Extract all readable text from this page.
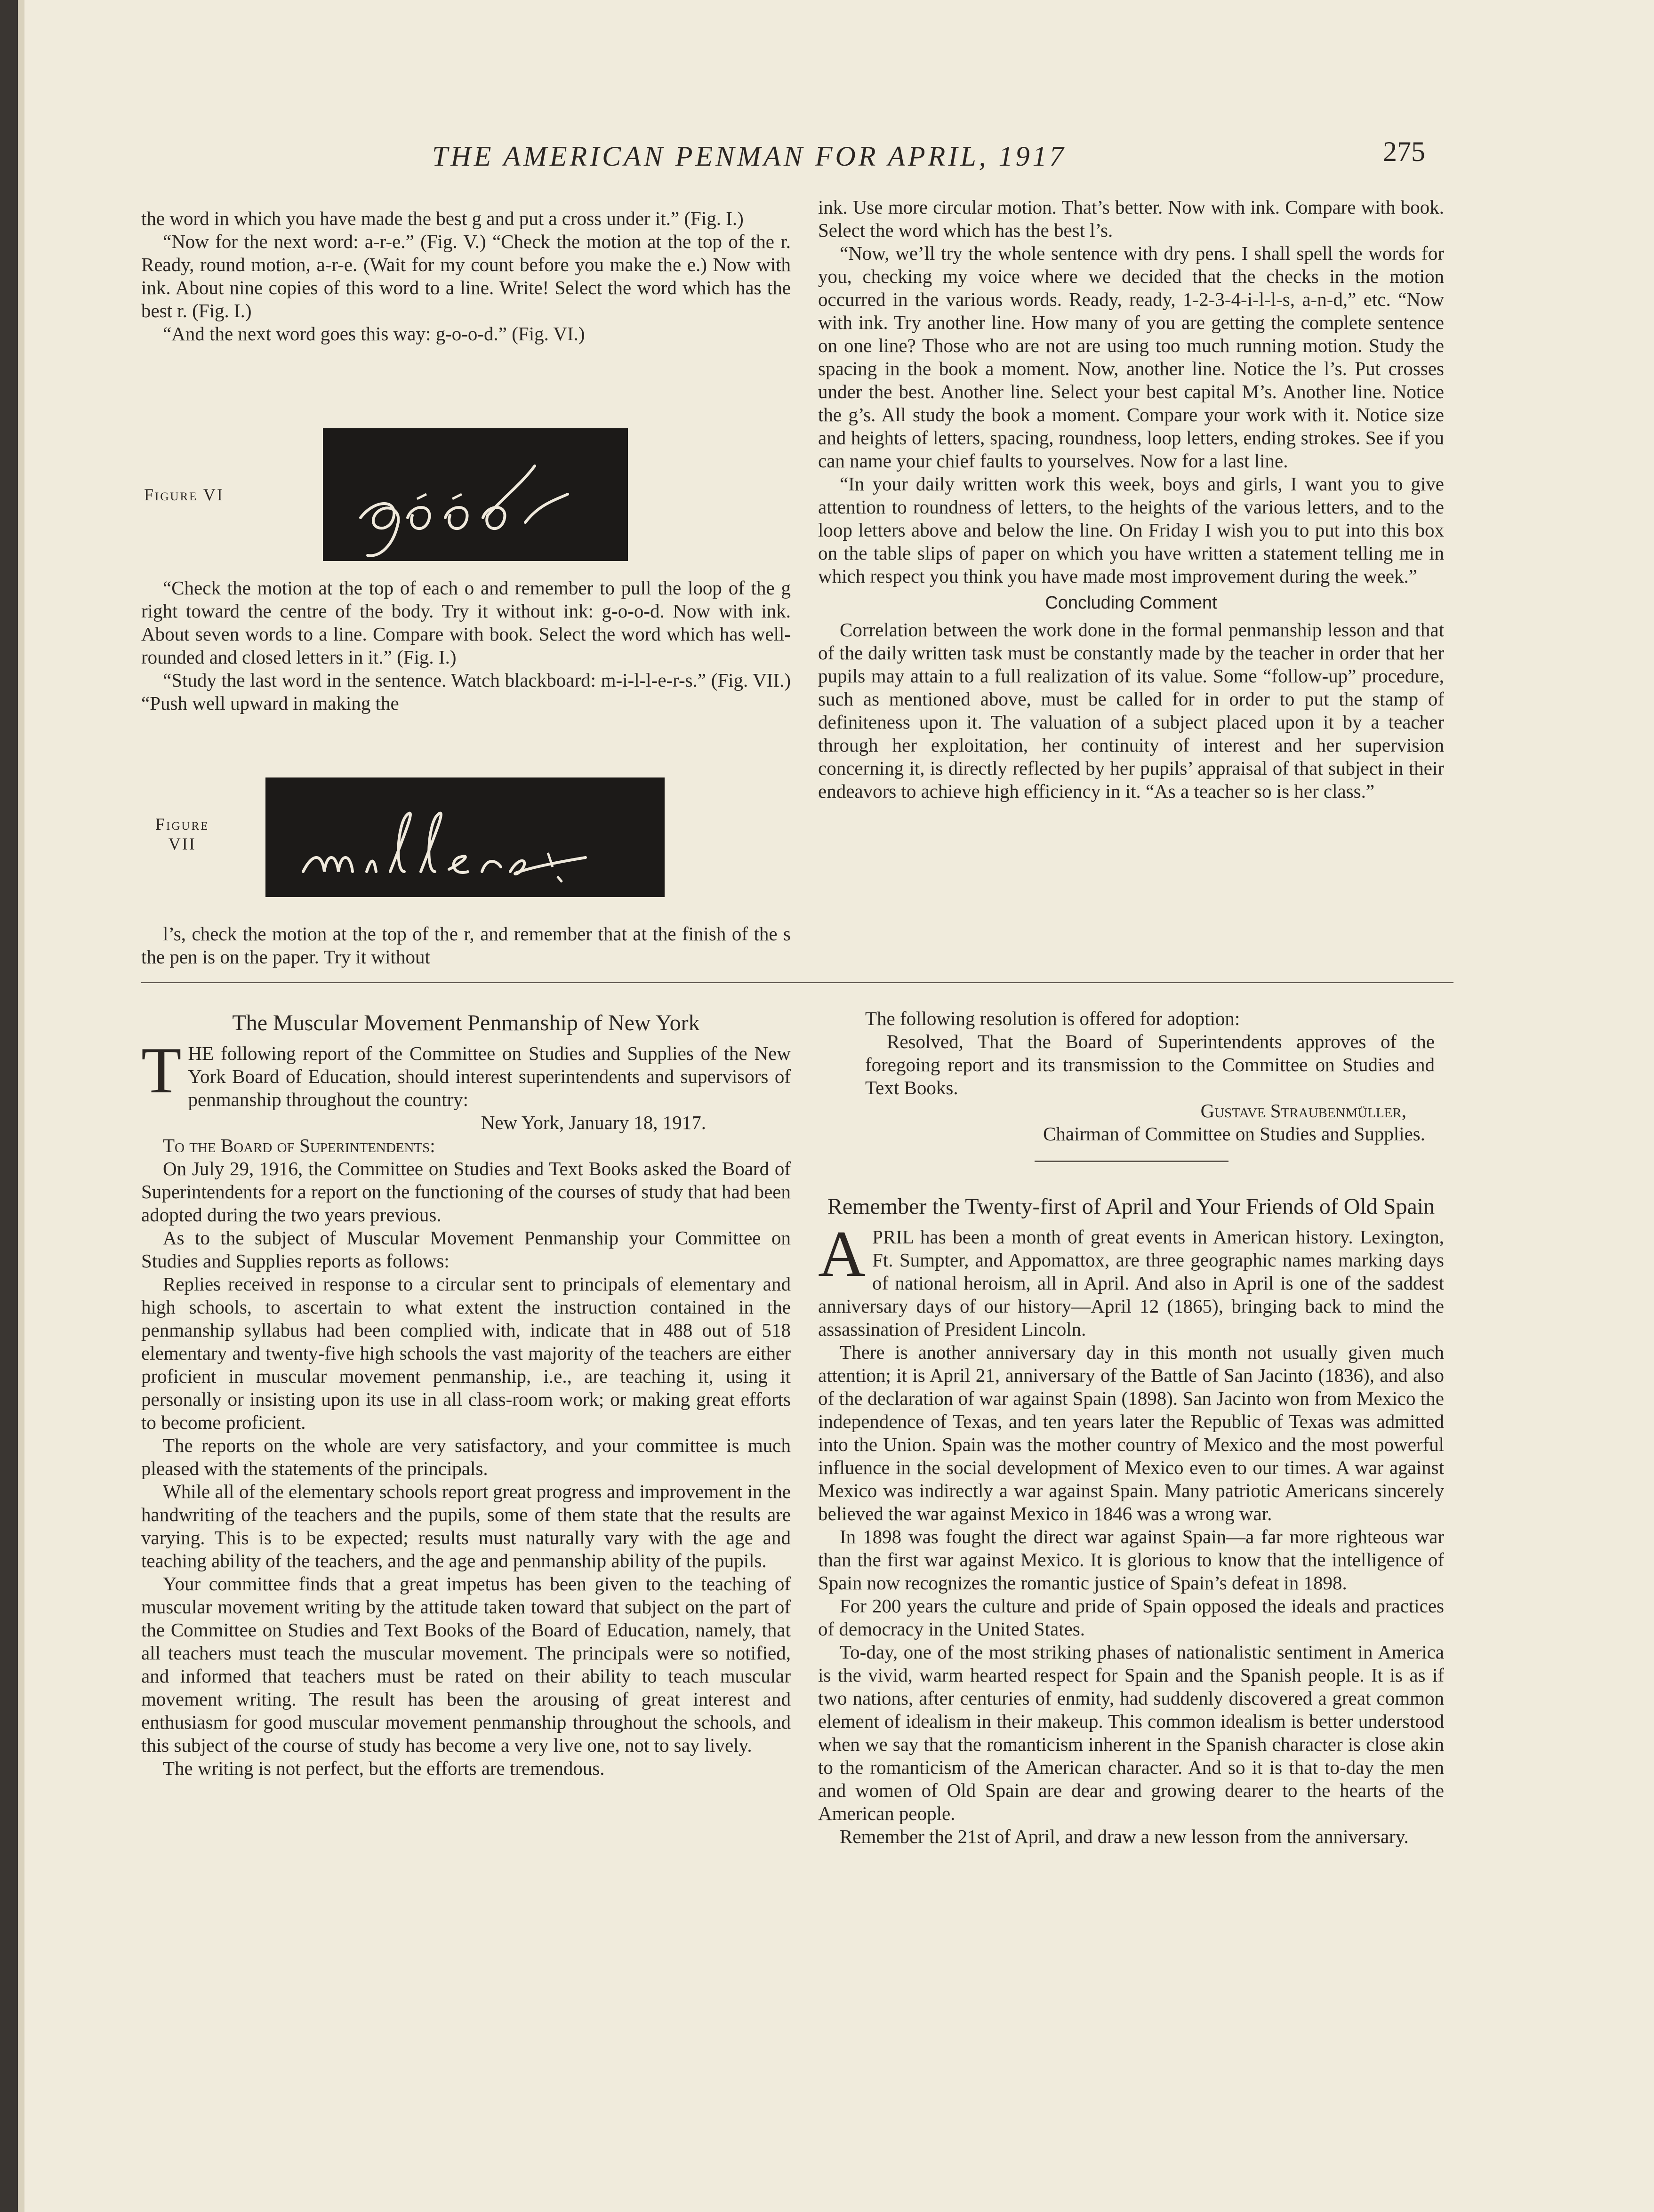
THE AMERICAN PENMAN FOR APRIL, 1917	275

the word in which you have made the best g and put a cross under it.” (Fig. I.)

“Now for the next word: a-r-e.” (Fig. V.) “Check the motion at the top of the r. Ready, round motion, a-r-e. (Wait for my count before you make the e.) Now with ink. About nine copies of this word to a line. Write! Select the word which has the best r. (Fig. I.)

“And the next word goes this way: g-o-o-d.” (Fig. VI.)

Figure VI

“Check the motion at the top of each o and remember to pull the loop of the g right toward the centre of the body. Try it without ink: g-o-o-d. Now with ink. About seven words to a line. Compare with book. Select the word which has well-rounded and closed letters in it.” (Fig. I.)

“Study the last word in the sentence. Watch blackboard: m-i-l-l-e-r-s.” (Fig. VII.) “Push well upward in making the

Figure
VII

l’s, check the motion at the top of the r, and remember that at the finish of the s the pen is on the paper. Try it without

ink. Use more circular motion. That’s better. Now with ink. Compare with book. Select the word which has the best l’s.

“Now, we’ll try the whole sentence with dry pens. I shall spell the words for you, checking my voice where we decided that the checks in the motion occurred in the various words. Ready, ready, 1-2-3-4-i-l-l-s, a-n-d,” etc. “Now with ink. Try another line. How many of you are getting the complete sentence on one line? Those who are not are using too much running motion. Study the spacing in the book a moment. Now, another line. Notice the l’s. Put crosses under the best. Another line. Select your best capital M’s. Another line. Notice the g’s. All study the book a moment. Compare your work with it. Notice size and heights of letters, spacing, roundness, loop letters, ending strokes. See if you can name your chief faults to yourselves. Now for a last line.

“In your daily written work this week, boys and girls, I want you to give attention to roundness of letters, to the heights of the various letters, and to the loop letters above and below the line. On Friday I wish you to put into this box on the table slips of paper on which you have written a statement telling me in which respect you think you have made most improvement during the week.”

Concluding Comment

Correlation between the work done in the formal penmanship lesson and that of the daily written task must be constantly made by the teacher in order that her pupils may attain to a full realization of its value. Some “follow-up” procedure, such as mentioned above, must be called for in order to put the stamp of definiteness upon it. The valuation of a subject placed upon it by a teacher through her exploitation, her continuity of interest and her supervision concerning it, is directly reflected by her pupils’ appraisal of that subject in their endeavors to achieve high efficiency in it. “As a teacher so is her class.”

The Muscular Movement Penmanship of New York

THE following report of the Committee on Studies and Supplies of the New York Board of Education, should interest superintendents and supervisors of penmanship throughout the country:

New York, January 18, 1917.

To the Board of Superintendents:

On July 29, 1916, the Committee on Studies and Text Books asked the Board of Superintendents for a report on the functioning of the courses of study that had been adopted during the two years previous.

As to the subject of Muscular Movement Penmanship your Committee on Studies and Supplies reports as follows:

Replies received in response to a circular sent to principals of elementary and high schools, to ascertain to what extent the instruction contained in the penmanship syllabus had been complied with, indicate that in 488 out of 518 elementary and twenty-five high schools the vast majority of the teachers are either proficient in muscular movement penmanship, i.e., are teaching it, using it personally or insisting upon its use in all class-room work; or making great efforts to become proficient.

The reports on the whole are very satisfactory, and your committee is much pleased with the statements of the principals.

While all of the elementary schools report great progress and improvement in the handwriting of the teachers and the pupils, some of them state that the results are varying. This is to be expected; results must naturally vary with the age and teaching ability of the teachers, and the age and penmanship ability of the pupils.

Your committee finds that a great impetus has been given to the teaching of muscular movement writing by the attitude taken toward that subject on the part of the Committee on Studies and Text Books of the Board of Education, namely, that all teachers must teach the muscular movement. The principals were so notified, and informed that teachers must be rated on their ability to teach muscular movement writing. The result has been the arousing of great interest and enthusiasm for good muscular movement penmanship throughout the schools, and this subject of the course of study has become a very live one, not to say lively.

The writing is not perfect, but the efforts are tremendous.

The following resolution is offered for adoption:

Resolved, That the Board of Superintendents approves of the foregoing report and its transmission to the Committee on Studies and Text Books.

Gustave Straubenmüller,

Chairman of Committee on Studies and Supplies.

Remember the Twenty-first of April and Your Friends of Old Spain

APRIL has been a month of great events in American history. Lexington, Ft. Sumpter, and Appomattox, are three geographic names marking days of national heroism, all in April. And also in April is one of the saddest anniversary days of our history—April 12 (1865), bringing back to mind the assassination of President Lincoln.

There is another anniversary day in this month not usually given much attention; it is April 21, anniversary of the Battle of San Jacinto (1836), and also of the declaration of war against Spain (1898). San Jacinto won from Mexico the independence of Texas, and ten years later the Republic of Texas was admitted into the Union. Spain was the mother country of Mexico and the most powerful influence in the social development of Mexico even to our times. A war against Mexico was indirectly a war against Spain. Many patriotic Americans sincerely believed the war against Mexico in 1846 was a wrong war.

In 1898 was fought the direct war against Spain—a far more righteous war than the first war against Mexico. It is glorious to know that the intelligence of Spain now recognizes the romantic justice of Spain’s defeat in 1898.

For 200 years the culture and pride of Spain opposed the ideals and practices of democracy in the United States.

To-day, one of the most striking phases of nationalistic sentiment in America is the vivid, warm hearted respect for Spain and the Spanish people. It is as if two nations, after centuries of enmity, had suddenly discovered a great common element of idealism in their makeup. This common idealism is better understood when we say that the romanticism inherent in the Spanish character is close akin to the romanticism of the American character. And so it is that to-day the men and women of Old Spain are dear and growing dearer to the hearts of the American people.

Remember the 21st of April, and draw a new lesson from the anniversary.
